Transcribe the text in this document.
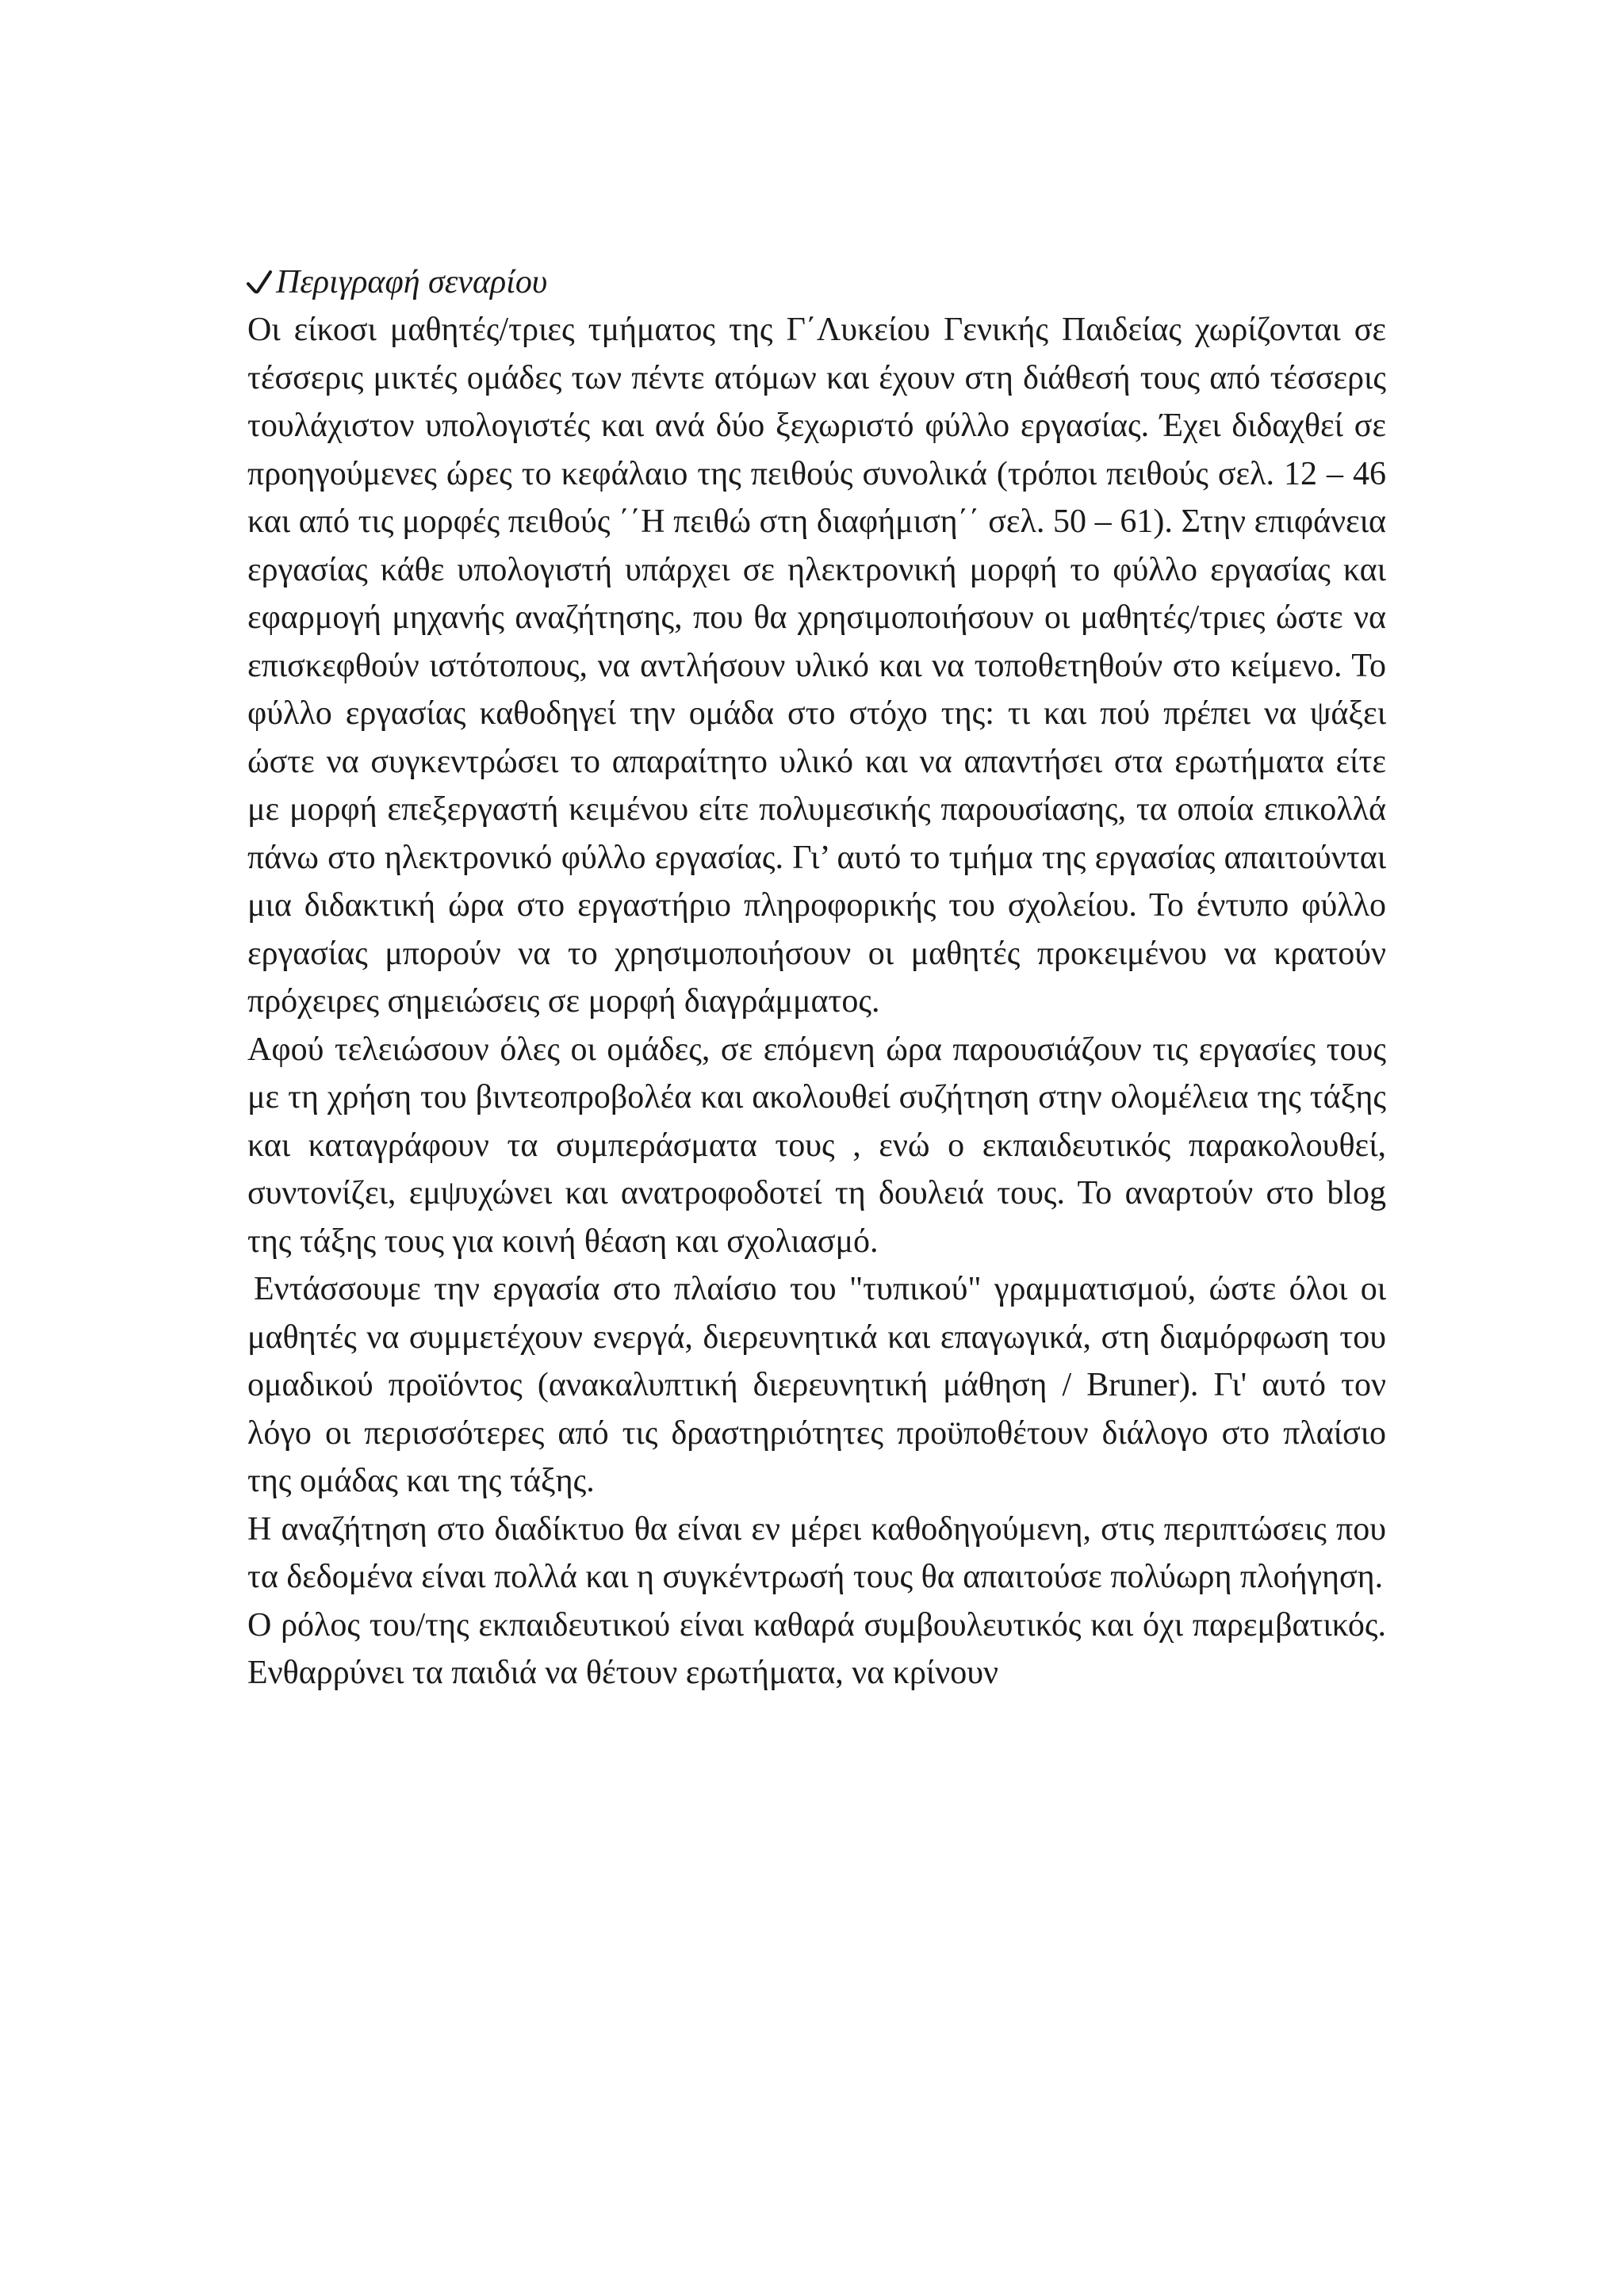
Περιγραφή σεναρίου

Οι είκοσι μαθητές/τριες τμήματος της Γ΄Λυκείου Γενικής Παιδείας χωρίζονται σε τέσσερις μικτές ομάδες των πέντε ατόμων και έχουν στη διάθεσή τους από τέσσερις τουλάχιστον υπολογιστές και ανά δύο ξεχωριστό φύλλο εργασίας. Έχει διδαχθεί σε προηγούμενες ώρες το κεφάλαιο της πειθούς συνολικά (τρόποι πειθούς σελ. 12 – 46 και από τις μορφές πειθούς ΄΄Η πειθώ στη διαφήμιση΄΄ σελ. 50 – 61). Στην επιφάνεια εργασίας κάθε υπολογιστή υπάρχει σε ηλεκτρονική μορφή το φύλλο εργασίας και εφαρμογή μηχανής αναζήτησης, που θα χρησιμοποιήσουν οι μαθητές/τριες ώστε να επισκεφθούν ιστότοπους, να αντλήσουν υλικό και να τοποθετηθούν στο κείμενο. Το φύλλο εργασίας καθοδηγεί την ομάδα στο στόχο της: τι και πού πρέπει να ψάξει ώστε να συγκεντρώσει το απαραίτητο υλικό και να απαντήσει στα ερωτήματα είτε με μορφή επεξεργαστή κειμένου είτε πολυμεσικής παρουσίασης, τα οποία επικολλά πάνω στο ηλεκτρονικό φύλλο εργασίας. Γι’ αυτό το τμήμα της εργασίας απαιτούνται μια διδακτική ώρα στο εργαστήριο πληροφορικής του σχολείου. Το έντυπο φύλλο εργασίας μπορούν να το χρησιμοποιήσουν οι μαθητές προκειμένου να κρατούν πρόχειρες σημειώσεις σε μορφή διαγράμματος.

Αφού τελειώσουν όλες οι ομάδες, σε επόμενη ώρα παρουσιάζουν τις εργασίες τους με τη χρήση του βιντεοπροβολέα και ακολουθεί συζήτηση στην ολομέλεια της τάξης και καταγράφουν τα συμπεράσματα τους , ενώ ο εκπαιδευτικός παρακολουθεί, συντονίζει, εμψυχώνει και ανατροφοδοτεί τη δουλειά τους. Το αναρτούν στο blog της τάξης τους για κοινή θέαση και σχολιασμό.

Εντάσσουμε την εργασία στο πλαίσιο του "τυπικού" γραμματισμού, ώστε όλοι οι μαθητές να συμμετέχουν ενεργά, διερευνητικά και επαγωγικά, στη διαμόρφωση του ομαδικού προϊόντος (ανακαλυπτική διερευνητική μάθηση / Bruner). Γι' αυτό τον λόγο οι περισσότερες από τις δραστηριότητες προϋποθέτουν διάλογο στο πλαίσιο της ομάδας και της τάξης.

Η αναζήτηση στο διαδίκτυο θα είναι εν μέρει καθοδηγούμενη, στις περιπτώσεις που τα δεδομένα είναι πολλά και η συγκέντρωσή τους θα απαιτούσε πολύωρη πλοήγηση.

Ο ρόλος του/της εκπαιδευτικού είναι καθαρά συμβουλευτικός και όχι παρεμβατικός. Ενθαρρύνει τα παιδιά να θέτουν ερωτήματα, να κρίνουν
